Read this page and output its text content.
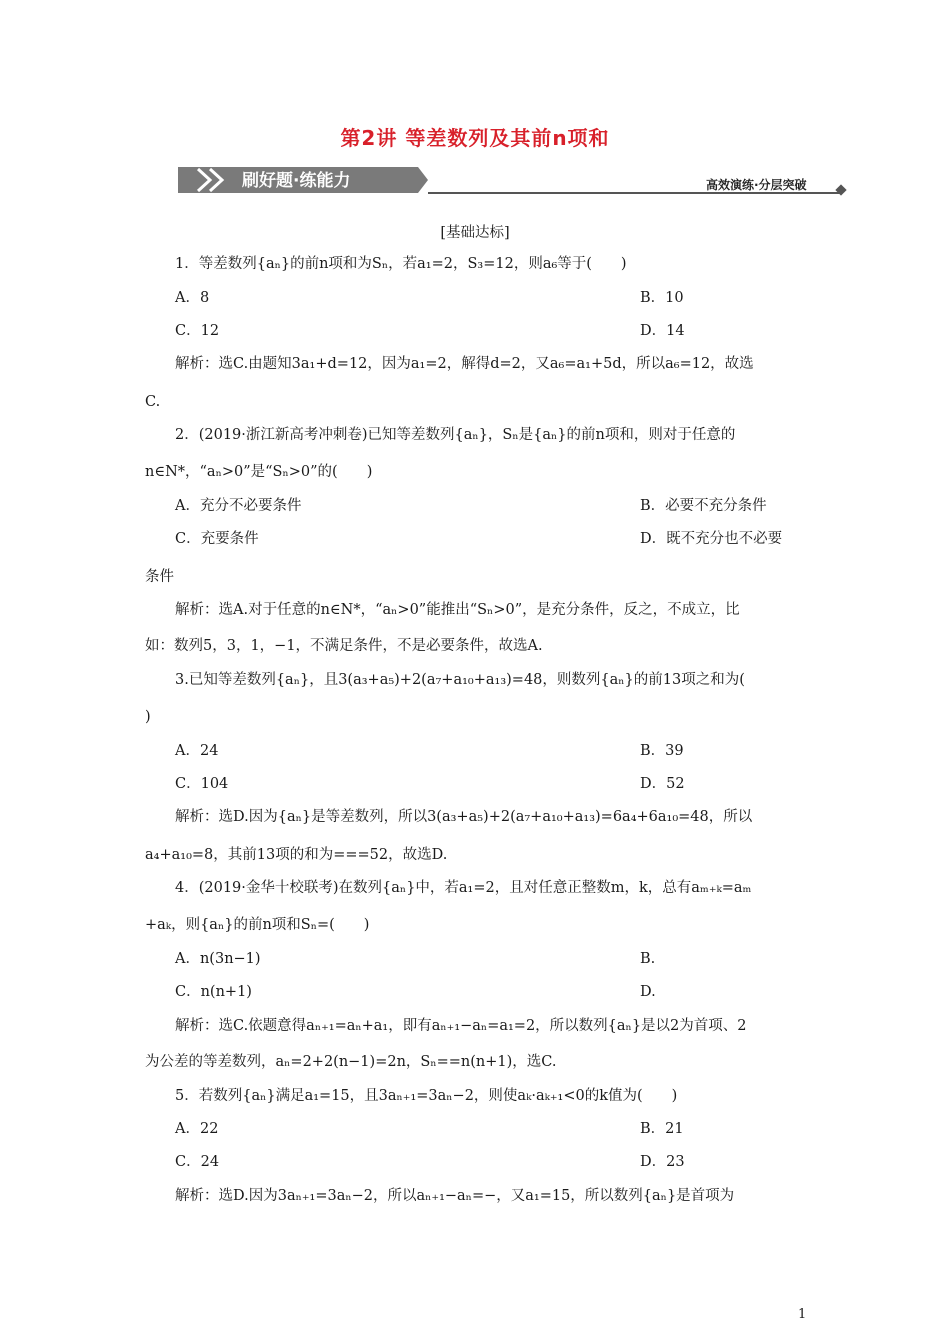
第2讲 等差数列及其前n项和
刷好题·练能力	高效演练·分层突破
[基础达标]
1．等差数列{aₙ}的前n项和为Sₙ，若a₁=2，S₃=12，则a₆等于(　　)
A．8	B．10
C．12	D．14
解析：选C.由题知3a₁+d=12，因为a₁=2，解得d=2，又a₆=a₁+5d，所以a₆=12，故选
C.
2．(2019·浙江新高考冲刺卷)已知等差数列{aₙ}，Sₙ是{aₙ}的前n项和，则对于任意的
n∈N*，“aₙ>0”是“Sₙ>0”的(　　)
A．充分不必要条件	B．必要不充分条件
C．充要条件	D．既不充分也不必要
条件
解析：选A.对于任意的n∈N*，“aₙ>0”能推出“Sₙ>0”，是充分条件，反之，不成立，比
如：数列5，3，1，−1，不满足条件，不是必要条件，故选A.
3.已知等差数列{aₙ}，且3(a₃+a₅)+2(a₇+a₁₀+a₁₃)=48，则数列{aₙ}的前13项之和为(
)
A．24	B．39
C．104	D．52
解析：选D.因为{aₙ}是等差数列，所以3(a₃+a₅)+2(a₇+a₁₀+a₁₃)=6a₄+6a₁₀=48，所以
a₄+a₁₀=8，其前13项的和为===52，故选D.
4．(2019·金华十校联考)在数列{aₙ}中，若a₁=2，且对任意正整数m，k，总有aₘ₊ₖ=aₘ
+aₖ，则{aₙ}的前n项和Sₙ=(　　)
A．n(3n−1)	B.
C．n(n+1)	D.
解析：选C.依题意得aₙ₊₁=aₙ+a₁，即有aₙ₊₁−aₙ=a₁=2，所以数列{aₙ}是以2为首项、2
为公差的等差数列，aₙ=2+2(n−1)=2n，Sₙ==n(n+1)，选C.
5．若数列{aₙ}满足a₁=15，且3aₙ₊₁=3aₙ−2，则使aₖ·aₖ₊₁<0的k值为(　　)
A．22	B．21
C．24	D．23
解析：选D.因为3aₙ₊₁=3aₙ−2，所以aₙ₊₁−aₙ=−，又a₁=15，所以数列{aₙ}是首项为
1
